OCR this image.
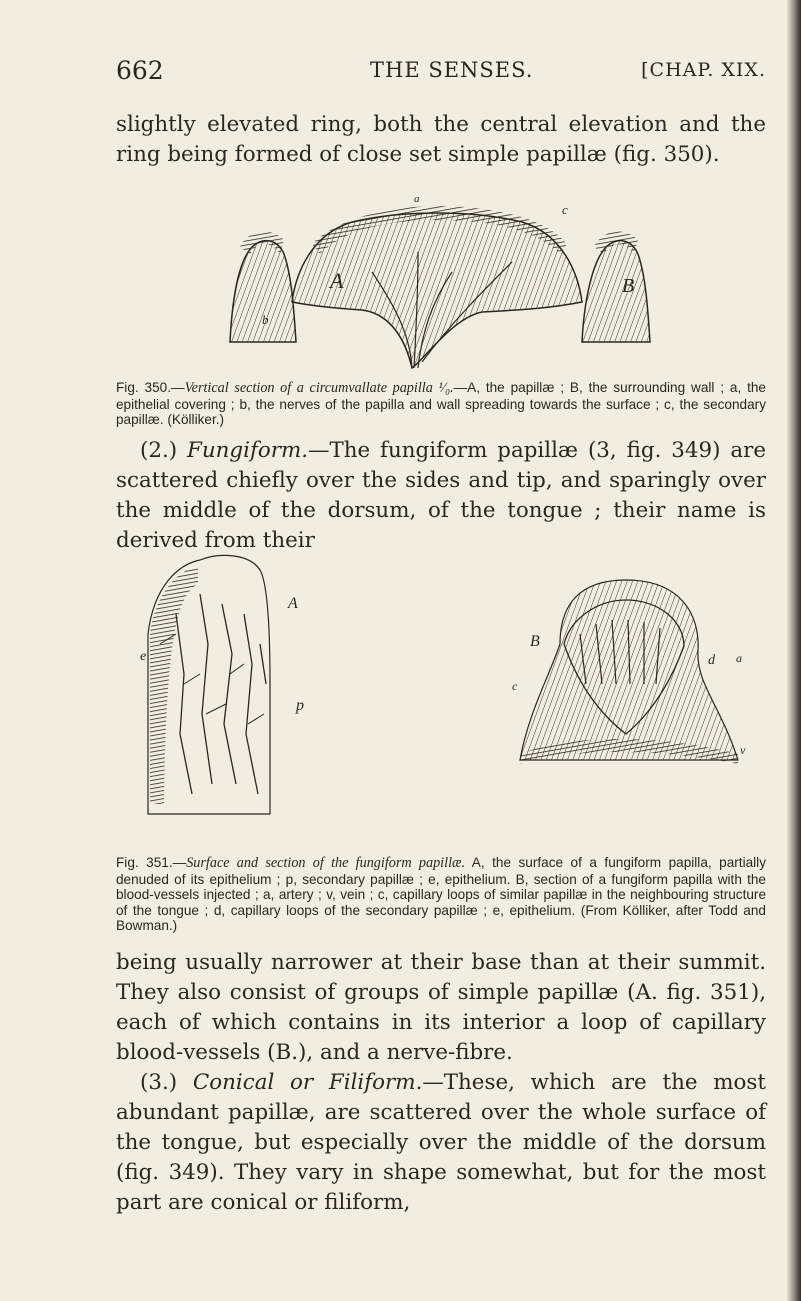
662	THE SENSES.	[CHAP. XIX.

slightly elevated ring, both the central elevation and the ring being formed of close set simple papillæ (fig. 350).

A	B
a
b
c

Fig. 350.—Vertical section of a circumvallate papilla ¹⁄₀.—A, the papillæ ; B, the surrounding wall ; a, the epithelial covering ; b, the nerves of the papilla and wall spreading towards the surface ; c, the secondary papillæ. (Kölliker.)

(2.) Fungiform.—The fungiform papillæ (3, fig. 349) are scattered chiefly over the sides and tip, and sparingly over the middle of the dorsum, of the tongue ; their name is derived from their

A
e
p
B
c
a
v
d

Fig. 351.—Surface and section of the fungiform papillæ. A, the surface of a fungiform papilla, partially denuded of its epithelium ; p, secondary papillæ ; e, epithelium. B, section of a fungiform papilla with the blood-vessels injected ; a, artery ; v, vein ; c, capillary loops of similar papillæ in the neighbouring structure of the tongue ; d, capillary loops of the secondary papillæ ; e, epithelium. (From Kölliker, after Todd and Bowman.)

being usually narrower at their base than at their summit. They also consist of groups of simple papillæ (A. fig. 351), each of which contains in its interior a loop of capillary blood-vessels (B.), and a nerve-fibre.

(3.) Conical or Filiform.—These, which are the most abundant papillæ, are scattered over the whole surface of the tongue, but especially over the middle of the dorsum (fig. 349). They vary in shape somewhat, but for the most part are conical or filiform,
